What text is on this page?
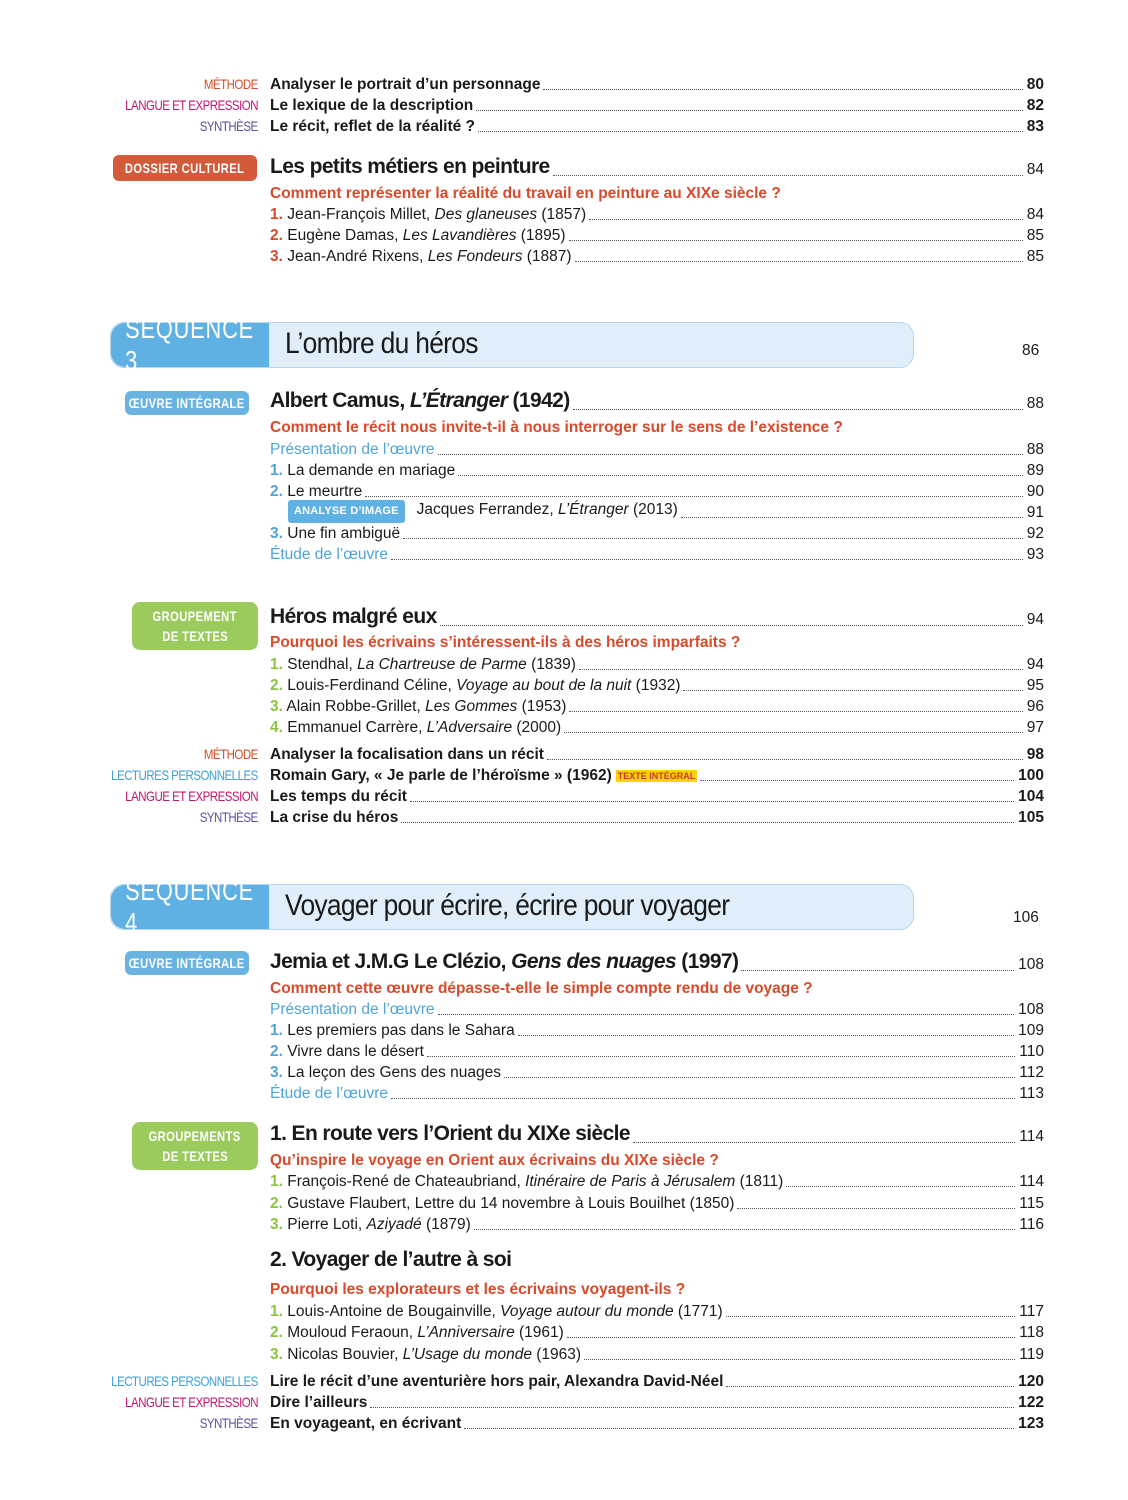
MÉTHODE Analyser le portrait d’un personnage	80
LANGUE ET EXPRESSION Le lexique de la description	82
SYNTHÈSE Le récit, reflet de la réalité ?	83
DOSSIER CULTUREL Les petits métiers en peinture	84
Comment représenter la réalité du travail en peinture au XIXe siècle ?
1. Jean-François Millet, Des glaneuses (1857)	84
2. Eugène Damas, Les Lavandières (1895)	85
3. Jean-André Rixens, Les Fondeurs (1887)	85
SÉQUENCE 3
L’ombre du héros	86
ŒUVRE INTÉGRALE Albert Camus, L’Étranger (1942)	88
Comment le récit nous invite-t-il à nous interroger sur le sens de l’existence ?
Présentation de l’œuvre	88
1. La demande en mariage	89
2. Le meurtre	90
ANALYSE D’IMAGE Jacques Ferrandez, L’Étranger (2013)	91
3. Une fin ambiguë	92
Étude de l’œuvre	93
GROUPEMENT
DE TEXTES
Héros malgré eux	94
Pourquoi les écrivains s’intéressent-ils à des héros imparfaits ?
1. Stendhal, La Chartreuse de Parme (1839)	94
2. Louis-Ferdinand Céline, Voyage au bout de la nuit (1932)	95
3. Alain Robbe-Grillet, Les Gommes (1953)	96
4. Emmanuel Carrère, L’Adversaire (2000)	97
MÉTHODE Analyser la focalisation dans un récit	98
LECTURES PERSONNELLES Romain Gary, « Je parle de l’héroïsme » (1962) TEXTE INTÉGRAL	100
LANGUE ET EXPRESSION Les temps du récit	104
SYNTHÈSE La crise du héros	105
SÉQUENCE 4
Voyager pour écrire, écrire pour voyager	106
ŒUVRE INTÉGRALE Jemia et J.M.G Le Clézio, Gens des nuages (1997)	108
Comment cette œuvre dépasse-t-elle le simple compte rendu de voyage ?
Présentation de l’œuvre	108
1. Les premiers pas dans le Sahara	109
2. Vivre dans le désert	110
3. La leçon des Gens des nuages	112
Étude de l’œuvre	113
GROUPEMENTS
DE TEXTES
1. En route vers l’Orient du XIXe siècle	114
Qu’inspire le voyage en Orient aux écrivains du XIXe siècle ?
1. François-René de Chateaubriand, Itinéraire de Paris à Jérusalem (1811)	114
2. Gustave Flaubert, Lettre du 14 novembre à Louis Bouilhet (1850)	115
3. Pierre Loti, Aziyadé (1879)	116
2. Voyager de l’autre à soi
Pourquoi les explorateurs et les écrivains voyagent-ils ?
1. Louis-Antoine de Bougainville, Voyage autour du monde (1771)	117
2. Mouloud Feraoun, L’Anniversaire (1961)	118
3. Nicolas Bouvier, L’Usage du monde (1963)	119
LECTURES PERSONNELLES Lire le récit d’une aventurière hors pair, Alexandra David-Néel	120
LANGUE ET EXPRESSION Dire l’ailleurs	122
SYNTHÈSE En voyageant, en écrivant	123
